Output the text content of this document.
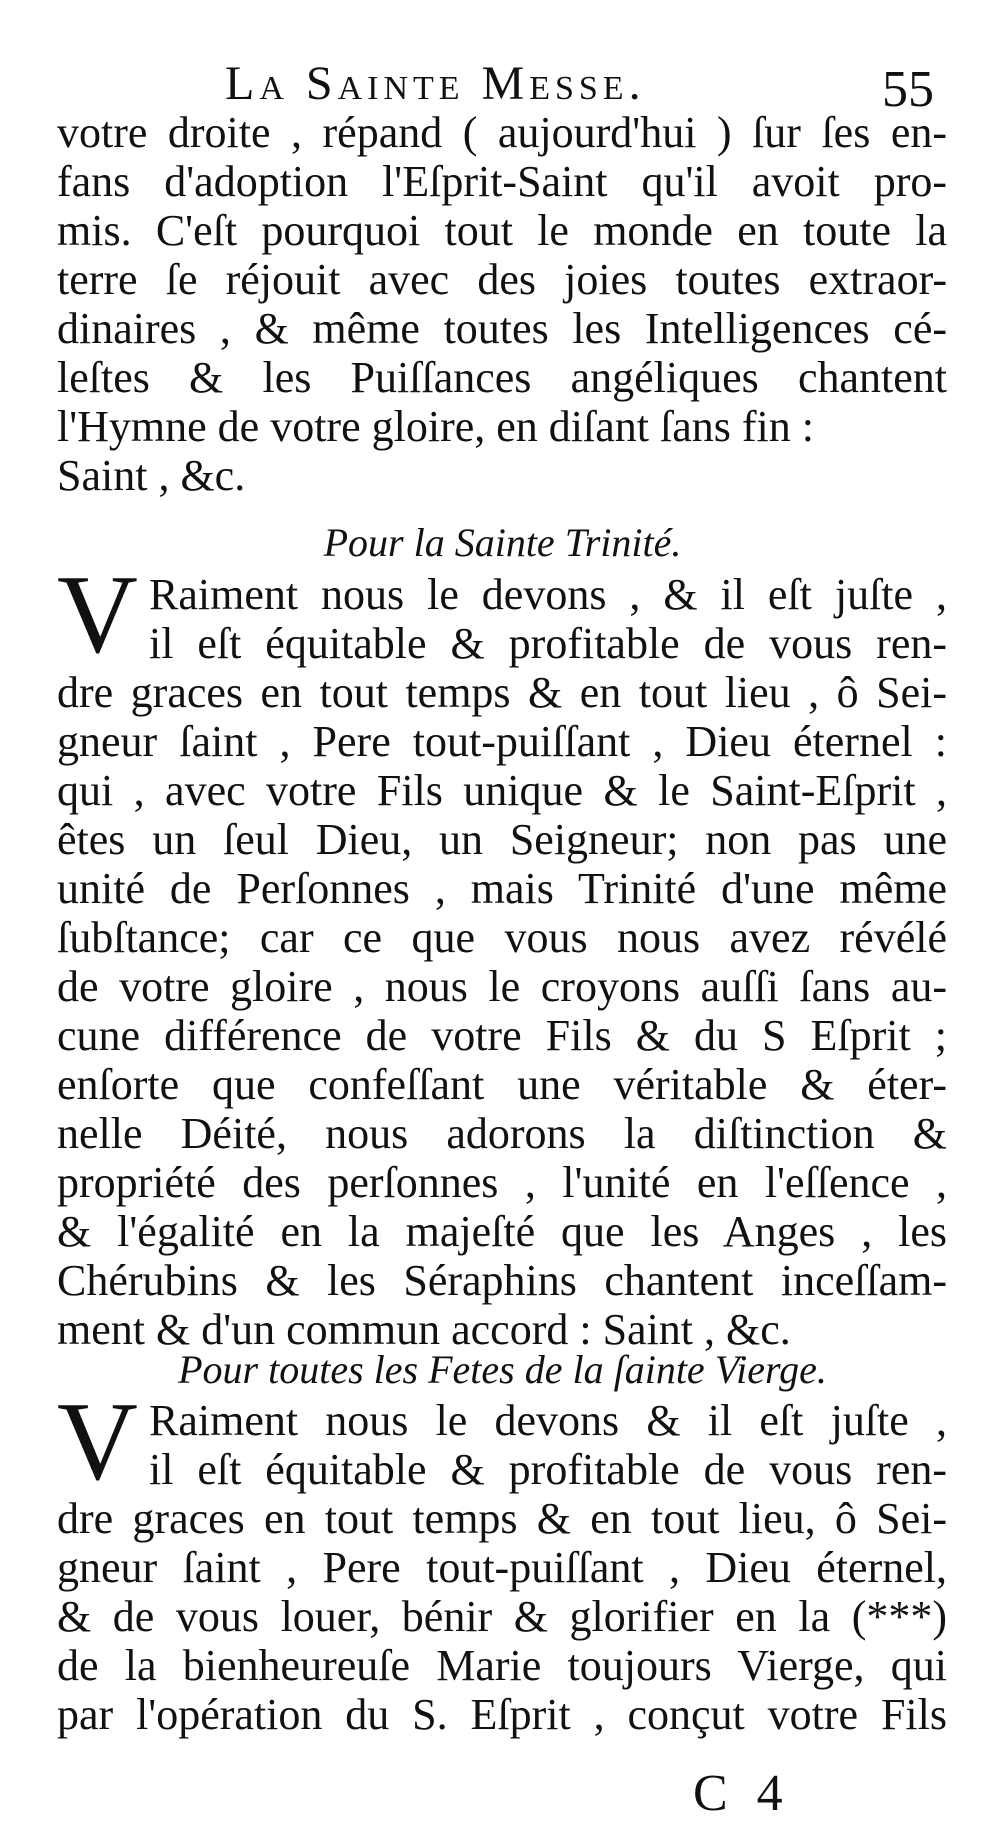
La Sainte Messe.	55
votre droite , répand ( aujourd'hui ) ſur ſes en-
fans d'adoption l'Eſprit-Saint qu'il avoit pro-
mis. C'eſt pourquoi tout le monde en toute la
terre ſe réjouit avec des joies toutes extraor-
dinaires , & même toutes les Intelligences cé-
leſtes & les Puiſſances angéliques chantent
l'Hymne de votre gloire, en diſant ſans fin :
Saint , &c.
Pour la Sainte Trinité.
V Raiment nous le devons , & il eſt juſte ,
il eſt équitable & profitable de vous ren-
dre graces en tout temps & en tout lieu , ô Sei-
gneur ſaint , Pere tout-puiſſant , Dieu éternel :
qui , avec votre Fils unique & le Saint-Eſprit ,
êtes un ſeul Dieu, un Seigneur; non pas une
unité de Perſonnes , mais Trinité d'une même
ſubſtance; car ce que vous nous avez révélé
de votre gloire , nous le croyons auſſi ſans au-
cune différence de votre Fils & du S Eſprit ;
enſorte que confeſſant une véritable & éter-
nelle Déité, nous adorons la diſtinction &
propriété des perſonnes , l'unité en l'eſſence ,
& l'égalité en la majeſté que les Anges , les
Chérubins & les Séraphins chantent inceſſam-
ment & d'un commun accord : Saint , &c.
Pour toutes les Fetes de la ſainte Vierge.
V Raiment nous le devons & il eſt juſte ,
il eſt équitable & profitable de vous ren-
dre graces en tout temps & en tout lieu, ô Sei-
gneur ſaint , Pere tout-puiſſant , Dieu éternel,
& de vous louer, bénir & glorifier en la (***)
de la bienheureuſe Marie toujours Vierge, qui
par l'opération du S. Eſprit , conçut votre Fils
C 4
